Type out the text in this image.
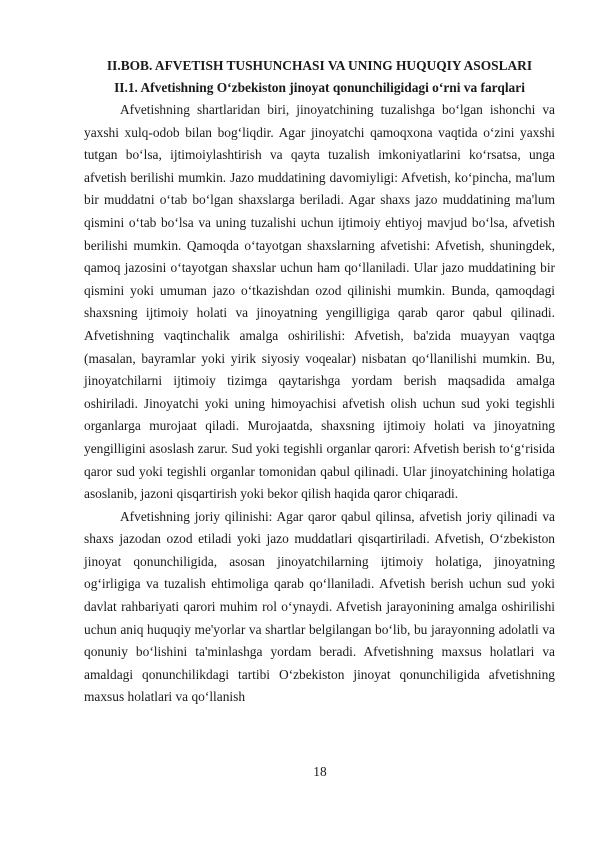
II.BOB. AFVETISH TUSHUNCHASI VA UNING HUQUQIY ASOSLARI
II.1. Afvetishning O‘zbekiston jinoyat qonunchiligidagi o‘rni va farqlari

Afvetishning shartlaridan biri, jinoyatchining tuzalishga bo‘lgan ishonchi va yaxshi xulq-odob bilan bog‘liqdir. Agar jinoyatchi qamoqxona vaqtida o‘zini yaxshi tutgan bo‘lsa, ijtimoiylashtirish va qayta tuzalish imkoniyatlarini ko‘rsatsa, unga afvetish berilishi mumkin. Jazo muddatining davomiyligi: Afvetish, ko‘pincha, ma'lum bir muddatni o‘tab bo‘lgan shaxslarga beriladi. Agar shaxs jazo muddatining ma'lum qismini o‘tab bo‘lsa va uning tuzalishi uchun ijtimoiy ehtiyoj mavjud bo‘lsa, afvetish berilishi mumkin. Qamoqda o‘tayotgan shaxslarning afvetishi: Afvetish, shuningdek, qamoq jazosini o‘tayotgan shaxslar uchun ham qo‘llaniladi. Ular jazo muddatining bir qismini yoki umuman jazo o‘tkazishdan ozod qilinishi mumkin. Bunda, qamoqdagi shaxsning ijtimoiy holati va jinoyatning yengilligiga qarab qaror qabul qilinadi. Afvetishning vaqtinchalik amalga oshirilishi: Afvetish, ba'zida muayyan vaqtga (masalan, bayramlar yoki yirik siyosiy voqealar) nisbatan qo‘llanilishi mumkin. Bu, jinoyatchilarni ijtimoiy tizimga qaytarishga yordam berish maqsadida amalga oshiriladi. Jinoyatchi yoki uning himoyachisi afvetish olish uchun sud yoki tegishli organlarga murojaat qiladi. Murojaatda, shaxsning ijtimoiy holati va jinoyatning yengilligini asoslash zarur. Sud yoki tegishli organlar qarori: Afvetish berish to‘g‘risida qaror sud yoki tegishli organlar tomonidan qabul qilinadi. Ular jinoyatchining holatiga asoslanib, jazoni qisqartirish yoki bekor qilish haqida qaror chiqaradi.

Afvetishning joriy qilinishi: Agar qaror qabul qilinsa, afvetish joriy qilinadi va shaxs jazodan ozod etiladi yoki jazo muddatlari qisqartiriladi. Afvetish, O‘zbekiston jinoyat qonunchiligida, asosan jinoyatchilarning ijtimoiy holatiga, jinoyatning og‘irligiga va tuzalish ehtimoliga qarab qo‘llaniladi. Afvetish berish uchun sud yoki davlat rahbariyati qarori muhim rol o‘ynaydi. Afvetish jarayonining amalga oshirilishi uchun aniq huquqiy me'yorlar va shartlar belgilangan bo‘lib, bu jarayonning adolatli va qonuniy bo‘lishini ta'minlashga yordam beradi. Afvetishning maxsus holatlari va amaldagi qonunchilikdagi tartibi O‘zbekiston jinoyat qonunchiligida afvetishning maxsus holatlari va qo‘llanish

18
